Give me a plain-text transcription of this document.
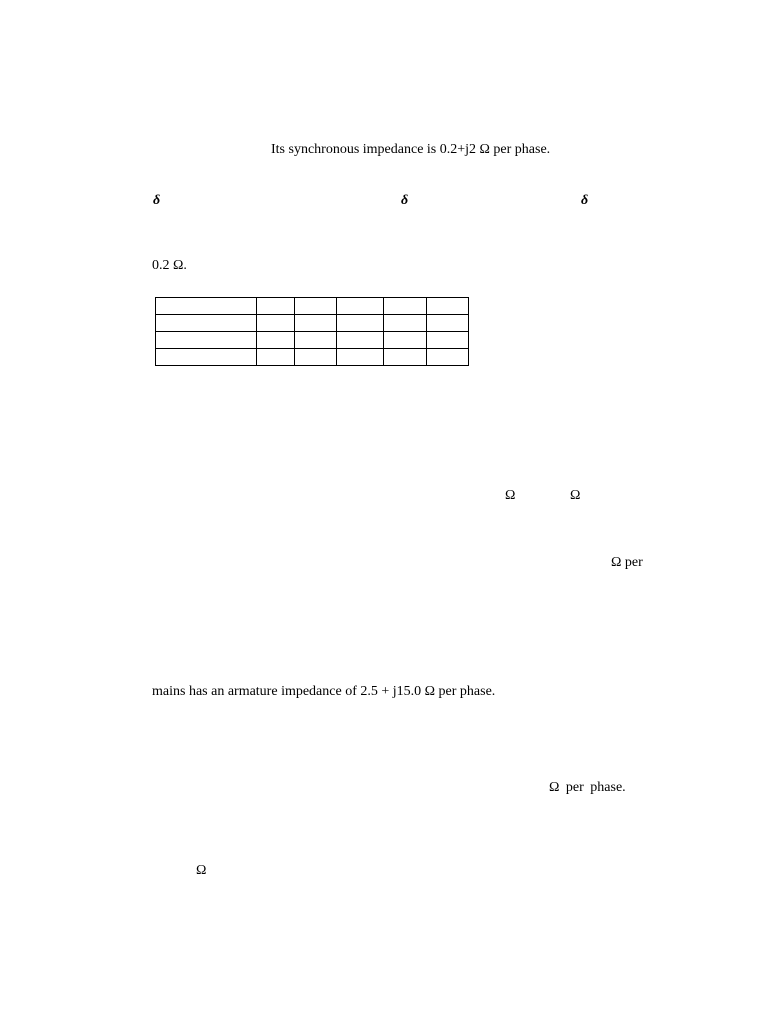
Its synchronous impedance is 0.2+j2 Ω per phase.
δ	δ	δ
0.2 Ω.

Ω	Ω
Ω per
mains has an armature impedance of 2.5 + j15.0 Ω per phase.
Ω per phase.
Ω
